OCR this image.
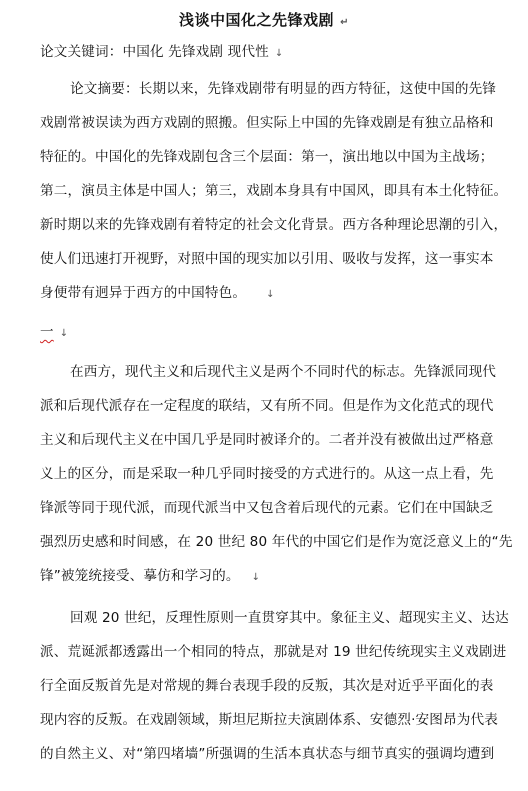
浅谈中国化之先锋戏剧 ↵
论文关键词：中国化 先锋戏剧 现代性 ↓
论文摘要：长期以来，先锋戏剧带有明显的西方特征，这使中国的先锋
戏剧常被误读为西方戏剧的照搬。但实际上中国的先锋戏剧是有独立品格和
特征的。中国化的先锋戏剧包含三个层面：第一，演出地以中国为主战场；
第二，演员主体是中国人；第三，戏剧本身具有中国风，即具有本土化特征。
新时期以来的先锋戏剧有着特定的社会文化背景。西方各种理论思潮的引入，
使人们迅速打开视野，对照中国的现实加以引用、吸收与发挥，这一事实本
身便带有迥异于西方的中国特色。 ↓
一 ↓
在西方，现代主义和后现代主义是两个不同时代的标志。先锋派同现代
派和后现代派存在一定程度的联结，又有所不同。但是作为文化范式的现代
主义和后现代主义在中国几乎是同时被译介的。二者并没有被做出过严格意
义上的区分，而是采取一种几乎同时接受的方式进行的。从这一点上看，先
锋派等同于现代派，而现代派当中又包含着后现代的元素。它们在中国缺乏
强烈历史感和时间感，在 20 世纪 80 年代的中国它们是作为宽泛意义上的“先
锋”被笼统接受、摹仿和学习的。 ↓
回观 20 世纪，反理性原则一直贯穿其中。象征主义、超现实主义、达达
派、荒诞派都透露出一个相同的特点，那就是对 19 世纪传统现实主义戏剧进
行全面反叛首先是对常规的舞台表现手段的反叛，其次是对近乎平面化的表
现内容的反叛。在戏剧领域，斯坦尼斯拉夫演剧体系、安德烈·安图昂为代表
的自然主义、对“第四堵墙”所强调的生活本真状态与细节真实的强调均遭到
